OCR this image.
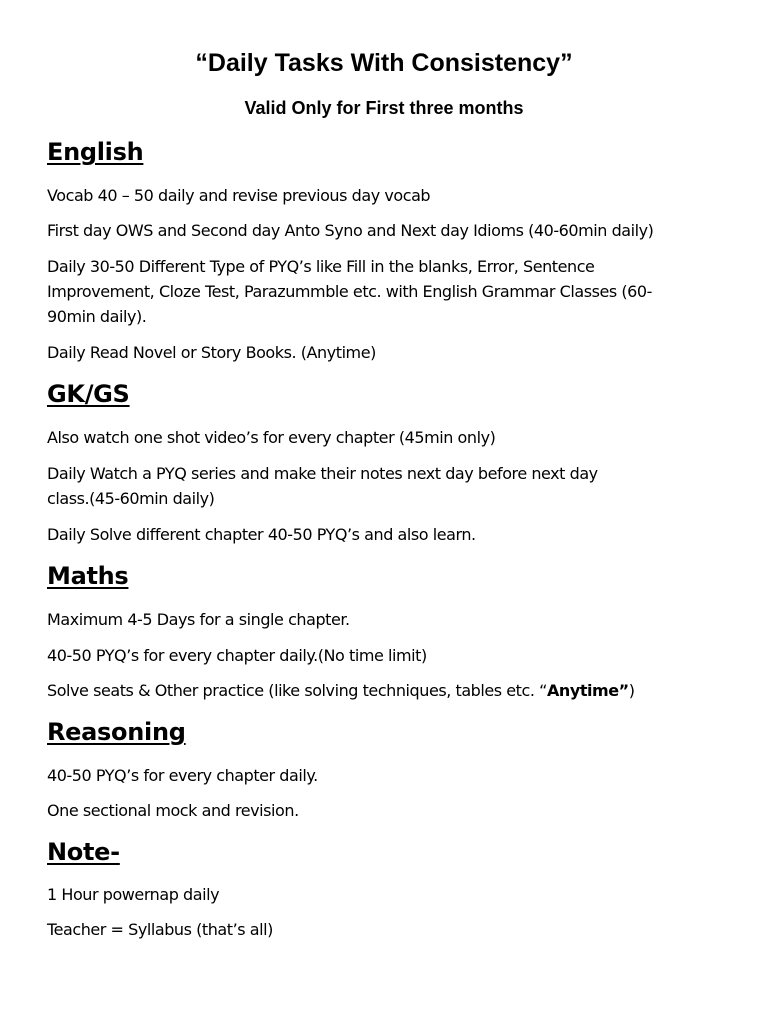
“Daily Tasks With Consistency”
Valid Only for First three months
English

Vocab 40 – 50 daily and revise previous day vocab

First day OWS and Second day Anto Syno and Next day Idioms (40-60min daily)

Daily 30-50 Different Type of PYQ’s like Fill in the blanks, Error, Sentence

Improvement, Cloze Test, Parazummble etc. with English Grammar Classes (60-

90min daily).

Daily Read Novel or Story Books. (Anytime)

GK/GS

Also watch one shot video’s for every chapter (45min only)

Daily Watch a PYQ series and make their notes next day before next day

class.(45-60min daily)

Daily Solve different chapter 40-50 PYQ’s and also learn.

Maths

Maximum 4-5 Days for a single chapter.

40-50 PYQ’s for every chapter daily.(No time limit)

Solve seats & Other practice (like solving techniques, tables etc. “Anytime”)

Reasoning

40-50 PYQ’s for every chapter daily.

One sectional mock and revision.

Note-

1 Hour powernap daily

Teacher = Syllabus (that’s all)
